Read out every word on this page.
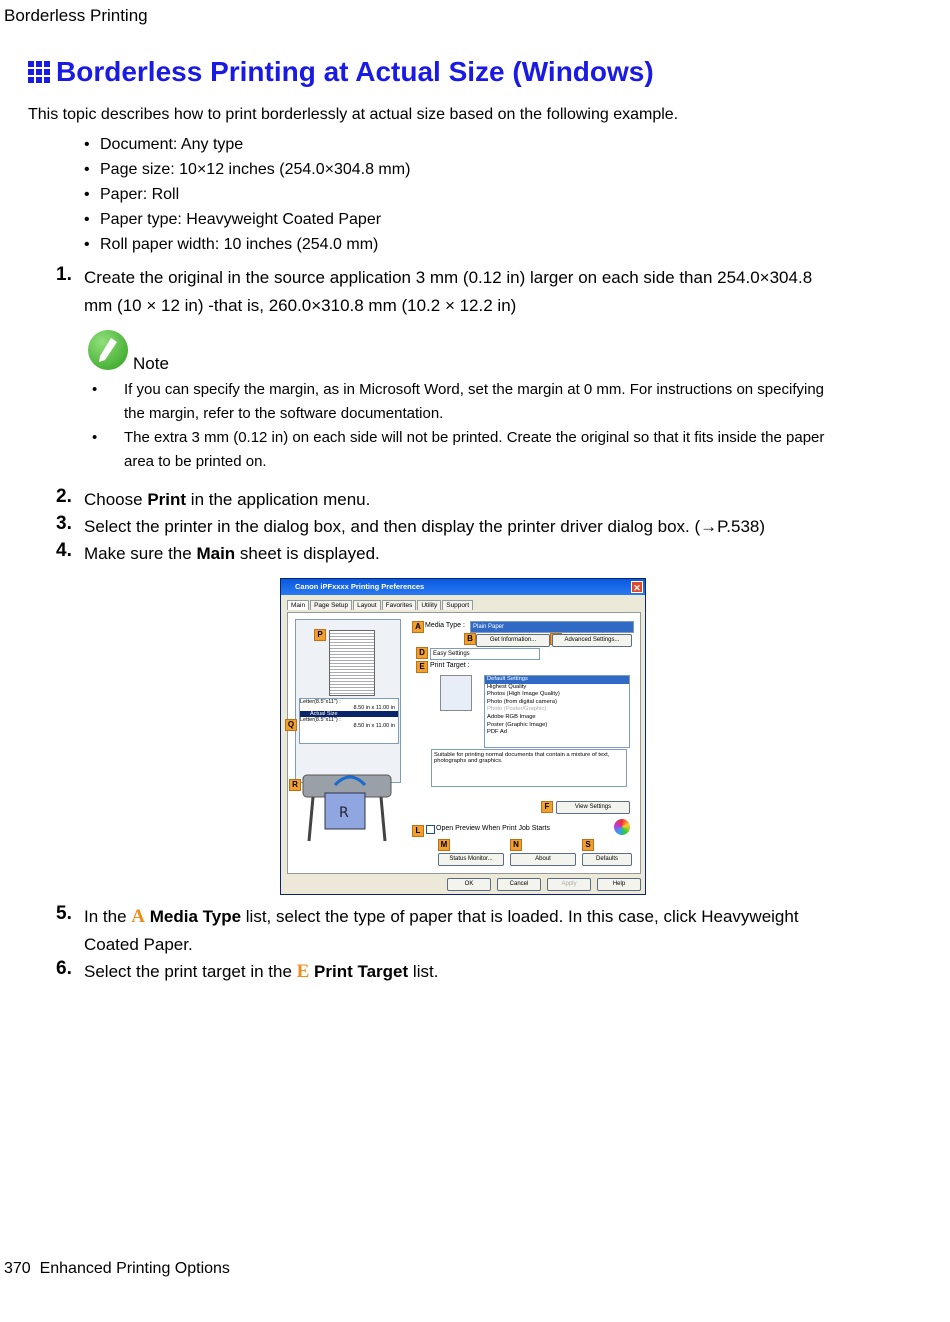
Borderless Printing
Borderless Printing at Actual Size (Windows)
This topic describes how to print borderlessly at actual size based on the following example.
• Document: Any type
• Page size: 10×12 inches (254.0×304.8 mm)
• Paper: Roll
• Paper type: Heavyweight Coated Paper
• Roll paper width: 10 inches (254.0 mm)
1. Create the original in the source application 3 mm (0.12 in) larger on each side than 254.0×304.8 mm (10 × 12 in) -that is, 260.0×310.8 mm (10.2 × 12.2 in)
Note
• If you can specify the margin, as in Microsoft Word, set the margin at 0 mm. For instructions on specifying the margin, refer to the software documentation.
• The extra 3 mm (0.12 in) on each side will not be printed. Create the original so that it fits inside the paper area to be printed on.
2. Choose Print in the application menu.
3. Select the printer in the dialog box, and then display the printer driver dialog box. (→P.538)
4. Make sure the Main sheet is displayed.
Canon iPFxxxx Printing Preferences	✕
Main	Page Setup	Layout	Favorites	Utility	Support
Letter(8.5"x11") :
8.50 in x 11.00 in
Actual Size
Letter(8.5"x11") :
8.50 in x 11.00 in
R
A Media Type :	Plain Paper
B	Get Information...	Advanced Settings...
D	Easy Settings
E Print Target :
Default Settings
Highest Quality
Photos (High Image Quality)
Photo (from digital camera)
Photo (Poster/Graphic)
Adobe RGB Image
Poster (Graphic Image)
PDF Ad
Suitable for printing normal documents that contain a mixture of text, photographs and graphics.
F	View Settings
L	Open Preview When Print Job Starts
M	N	S
Status Monitor...	About	Defaults
P
Q
R
OK	Cancel	Apply	Help
5. In the A Media Type list, select the type of paper that is loaded. In this case, click Heavyweight Coated Paper.
6. Select the print target in the E Print Target list.
370  Enhanced Printing Options
